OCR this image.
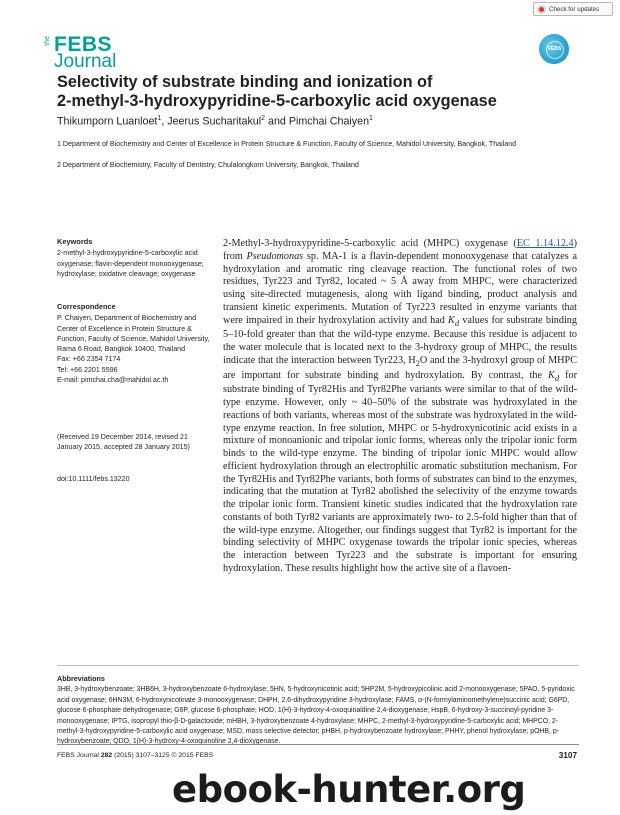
Check for updates
the FEBS
Journal
FEBS
Selectivity of substrate binding and ionization of
2-methyl-3-hydroxypyridine-5-carboxylic acid oxygenase
Thikumporn Luanloet$^1$, Jeerus Sucharitakul$^2$ and Pimchai Chaiyen$^1$

1 Department of Biochemistry and Center of Excellence in Protein Structure & Function, Faculty of Science, Mahidol University, Bangkok, Thailand

2 Department of Biochemistry, Faculty of Dentistry, Chulalongkorn University, Bangkok, Thailand

Keywords

2-methyl-3-hydroxypyridine-5-carboxylic acid oxygenase; flavin-dependent monooxygenase; hydroxylase; oxidative cleavage; oxygenase

Correspondence

P. Chaiyen, Department of Biochemistry and Center of Excellence in Protein Structure & Function, Faculty of Science, Mahidol University, Rama 6 Road, Bangkok 10400, Thailand

Fax: +66 2354 7174

Tel: +66 2201 5596

E-mail: pimchai.cha@mahidol.ac.th

(Received 19 December 2014, revised 21 January 2015, accepted 28 January 2015)

doi:10.1111/febs.13220

2-Methyl-3-hydroxypyridine-5-carboxylic acid (MHPC) oxygenase (EC 1.14.12.4) from Pseudomonas sp. MA-1 is a flavin-dependent monooxygenase that catalyzes a hydroxylation and aromatic ring cleavage reaction. The functional roles of two residues, Tyr223 and Tyr82, located ~ 5 Å away from MHPC, were characterized using site-directed mutagenesis, along with ligand binding, product analysis and transient kinetic experiments. Mutation of Tyr223 resulted in enzyme variants that were impaired in their hydroxylation activity and had $K_d$ values for substrate binding 5–10-fold greater than that the wild-type enzyme. Because this residue is adjacent to the water molecule that is located next to the 3-hydroxy group of MHPC, the results indicate that the interaction between Tyr223, $H_2O$ and the 3-hydroxyl group of MHPC are important for substrate binding and hydroxylation. By contrast, the $K_d$ for substrate binding of Tyr82His and Tyr82Phe variants were similar to that of the wild-type enzyme. However, only ~ 40–50% of the substrate was hydroxylated in the reactions of both variants, whereas most of the substrate was hydroxylated in the wild-type enzyme reaction. In free solution, MHPC or 5-hydroxynicotinic acid exists in a mixture of monoanionic and tripolar ionic forms, whereas only the tripolar ionic form binds to the wild-type enzyme. The binding of tripolar ionic MHPC would allow efficient hydroxylation through an electrophilic aromatic substitution mechanism. For the Tyr82His and Tyr82Phe variants, both forms of substrates can bind to the enzymes, indicating that the mutation at Tyr82 abolished the selectivity of the enzyme towards the tripolar ionic form. Transient kinetic studies indicated that the hydroxylation rate constants of both Tyr82 variants are approximately two- to 2.5-fold higher than that of the wild-type enzyme. Altogether, our findings suggest that Tyr82 is important for the binding selectivity of MHPC oxygenase towards the tripolar ionic species, whereas the interaction between Tyr223 and the substrate is important for ensuring hydroxylation. These results highlight how the active site of a flavoen-
Abbreviations

3HB, 3-hydroxybenzoate; 3HB6H, 3-hydroxybenzoate 6-hydroxylase; 5HN, 5-hydroxynicotinic acid; 5HP2M, 5-hydroxypicolinic acid 2-monooxygenase; 5PAO, 5-pyridoxic acid oxygenase; 6HN3M, 6-hydroxynicotinate 3-monooxygenase; DHPH, 2,6-dihydroxypyridine 3-hydroxylase; FAMS, α-(N-formylaminomethylene)succinic acid; G6PD, glucose 6-phosphate dehydrogenase; G6P, glucose 6-phosphate; HOD, 1(H)-3-hydroxy-4-oxoquinaldine 2,4-dioxygenase; HspB, 6-hydroxy-3-succinoyl-pyridine 3-monooxygenase; IPTG, isopropyl thio-β-D-galactoside; mHBH, 3-hydroxybenzoate 4-hydroxylase; MHPC, 2-methyl-3-hydroxypyridine-5-carboxylic acid; MHPCO, 2-methyl-3-hydroxypyridine-5-carboxylic acid oxygenase; MSD, mass selective detector; pHBH, p-hydroxybenzoate hydroxylase; PHHY, phenol hydroxylase; pOHB, p-hydroxybenzoate; QDO, 1(H)-3-hydroxy-4-oxoquinoline 2,4-dioxygenase.

FEBS Journal 282 (2015) 3107–3125 © 2015 FEBS	3107
ebook-hunter.org
